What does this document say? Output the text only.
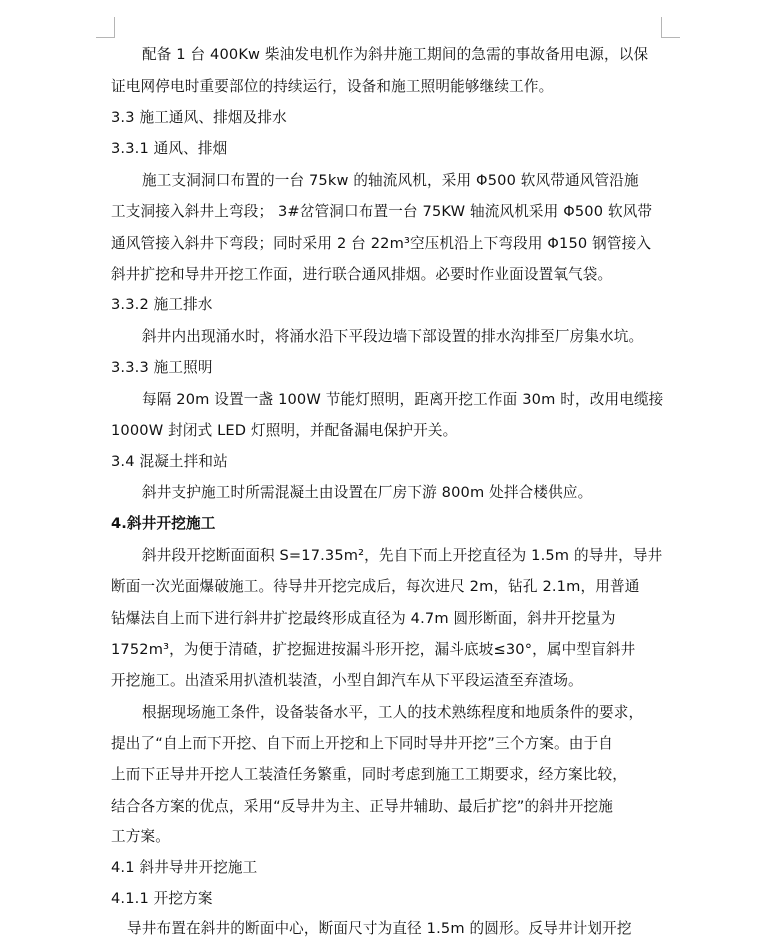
配备 1 台 400Kw 柴油发电机作为斜井施工期间的急需的事故备用电源，以保
证电网停电时重要部位的持续运行，设备和施工照明能够继续工作。
3.3 施工通风、排烟及排水
3.3.1 通风、排烟
施工支洞洞口布置的一台 75kw 的轴流风机，采用 Φ500 软风带通风管沿施
工支洞接入斜井上弯段； 3#岔管洞口布置一台 75KW 轴流风机采用 Φ500 软风带
通风管接入斜井下弯段；同时采用 2 台 22m³空压机沿上下弯段用 Φ150 钢管接入
斜井扩挖和导井开挖工作面，进行联合通风排烟。必要时作业面设置氧气袋。
3.3.2 施工排水
斜井内出现涌水时，将涌水沿下平段边墙下部设置的排水沟排至厂房集水坑。
3.3.3 施工照明
每隔 20m 设置一盏 100W 节能灯照明，距离开挖工作面 30m 时，改用电缆接
1000W 封闭式 LED 灯照明，并配备漏电保护开关。
3.4 混凝土拌和站
斜井支护施工时所需混凝土由设置在厂房下游 800m 处拌合楼供应。
4.斜井开挖施工
斜井段开挖断面面积 S=17.35m²，先自下而上开挖直径为 1.5m 的导井，导井
断面一次光面爆破施工。待导井开挖完成后，每次进尺 2m，钻孔 2.1m，用普通
钻爆法自上而下进行斜井扩挖最终形成直径为 4.7m 圆形断面，斜井开挖量为
1752m³，为便于清碴，扩挖掘进按漏斗形开挖，漏斗底坡≤30°，属中型盲斜井
开挖施工。出渣采用扒渣机装渣，小型自卸汽车从下平段运渣至弃渣场。
根据现场施工条件，设备装备水平，工人的技术熟练程度和地质条件的要求，
提出了“自上而下开挖、自下而上开挖和上下同时导井开挖”三个方案。由于自
上而下正导井开挖人工装渣任务繁重，同时考虑到施工工期要求，经方案比较，
结合各方案的优点，采用“反导井为主、正导井辅助、最后扩挖”的斜井开挖施
工方案。
4.1 斜井导井开挖施工
4.1.1 开挖方案
导井布置在斜井的断面中心，断面尺寸为直径 1.5m 的圆形。反导井计划开挖
